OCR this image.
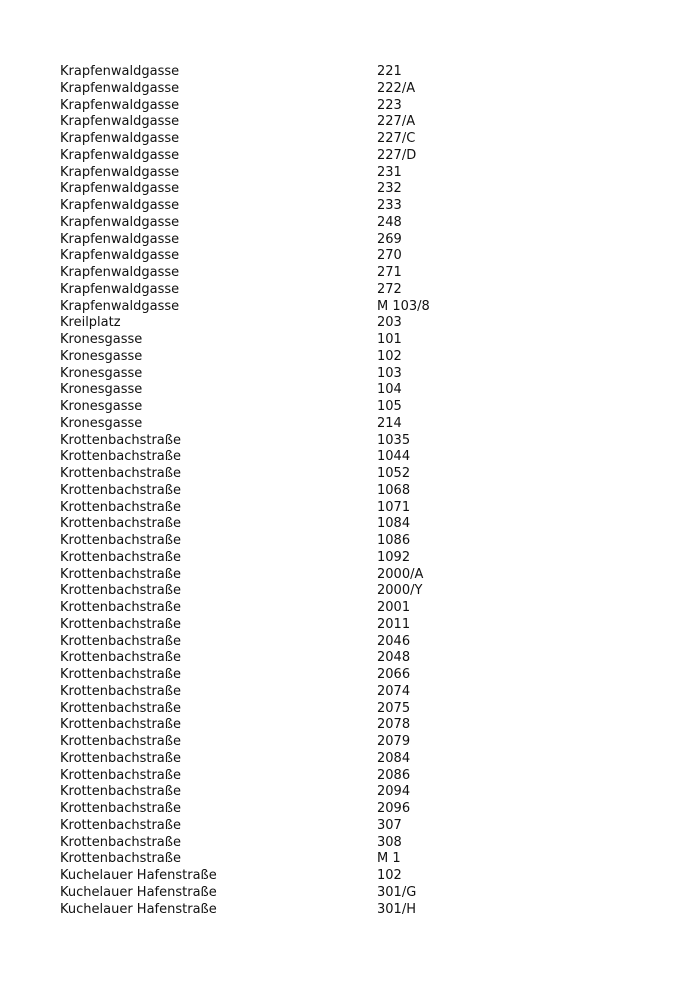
Krapfenwaldgasse	221
Krapfenwaldgasse	222/A
Krapfenwaldgasse	223
Krapfenwaldgasse	227/A
Krapfenwaldgasse	227/C
Krapfenwaldgasse	227/D
Krapfenwaldgasse	231
Krapfenwaldgasse	232
Krapfenwaldgasse	233
Krapfenwaldgasse	248
Krapfenwaldgasse	269
Krapfenwaldgasse	270
Krapfenwaldgasse	271
Krapfenwaldgasse	272
Krapfenwaldgasse	M 103/8
Kreilplatz	203
Kronesgasse	101
Kronesgasse	102
Kronesgasse	103
Kronesgasse	104
Kronesgasse	105
Kronesgasse	214
Krottenbachstraße	1035
Krottenbachstraße	1044
Krottenbachstraße	1052
Krottenbachstraße	1068
Krottenbachstraße	1071
Krottenbachstraße	1084
Krottenbachstraße	1086
Krottenbachstraße	1092
Krottenbachstraße	2000/A
Krottenbachstraße	2000/Y
Krottenbachstraße	2001
Krottenbachstraße	2011
Krottenbachstraße	2046
Krottenbachstraße	2048
Krottenbachstraße	2066
Krottenbachstraße	2074
Krottenbachstraße	2075
Krottenbachstraße	2078
Krottenbachstraße	2079
Krottenbachstraße	2084
Krottenbachstraße	2086
Krottenbachstraße	2094
Krottenbachstraße	2096
Krottenbachstraße	307
Krottenbachstraße	308
Krottenbachstraße	M 1
Kuchelauer Hafenstraße	102
Kuchelauer Hafenstraße	301/G
Kuchelauer Hafenstraße	301/H
